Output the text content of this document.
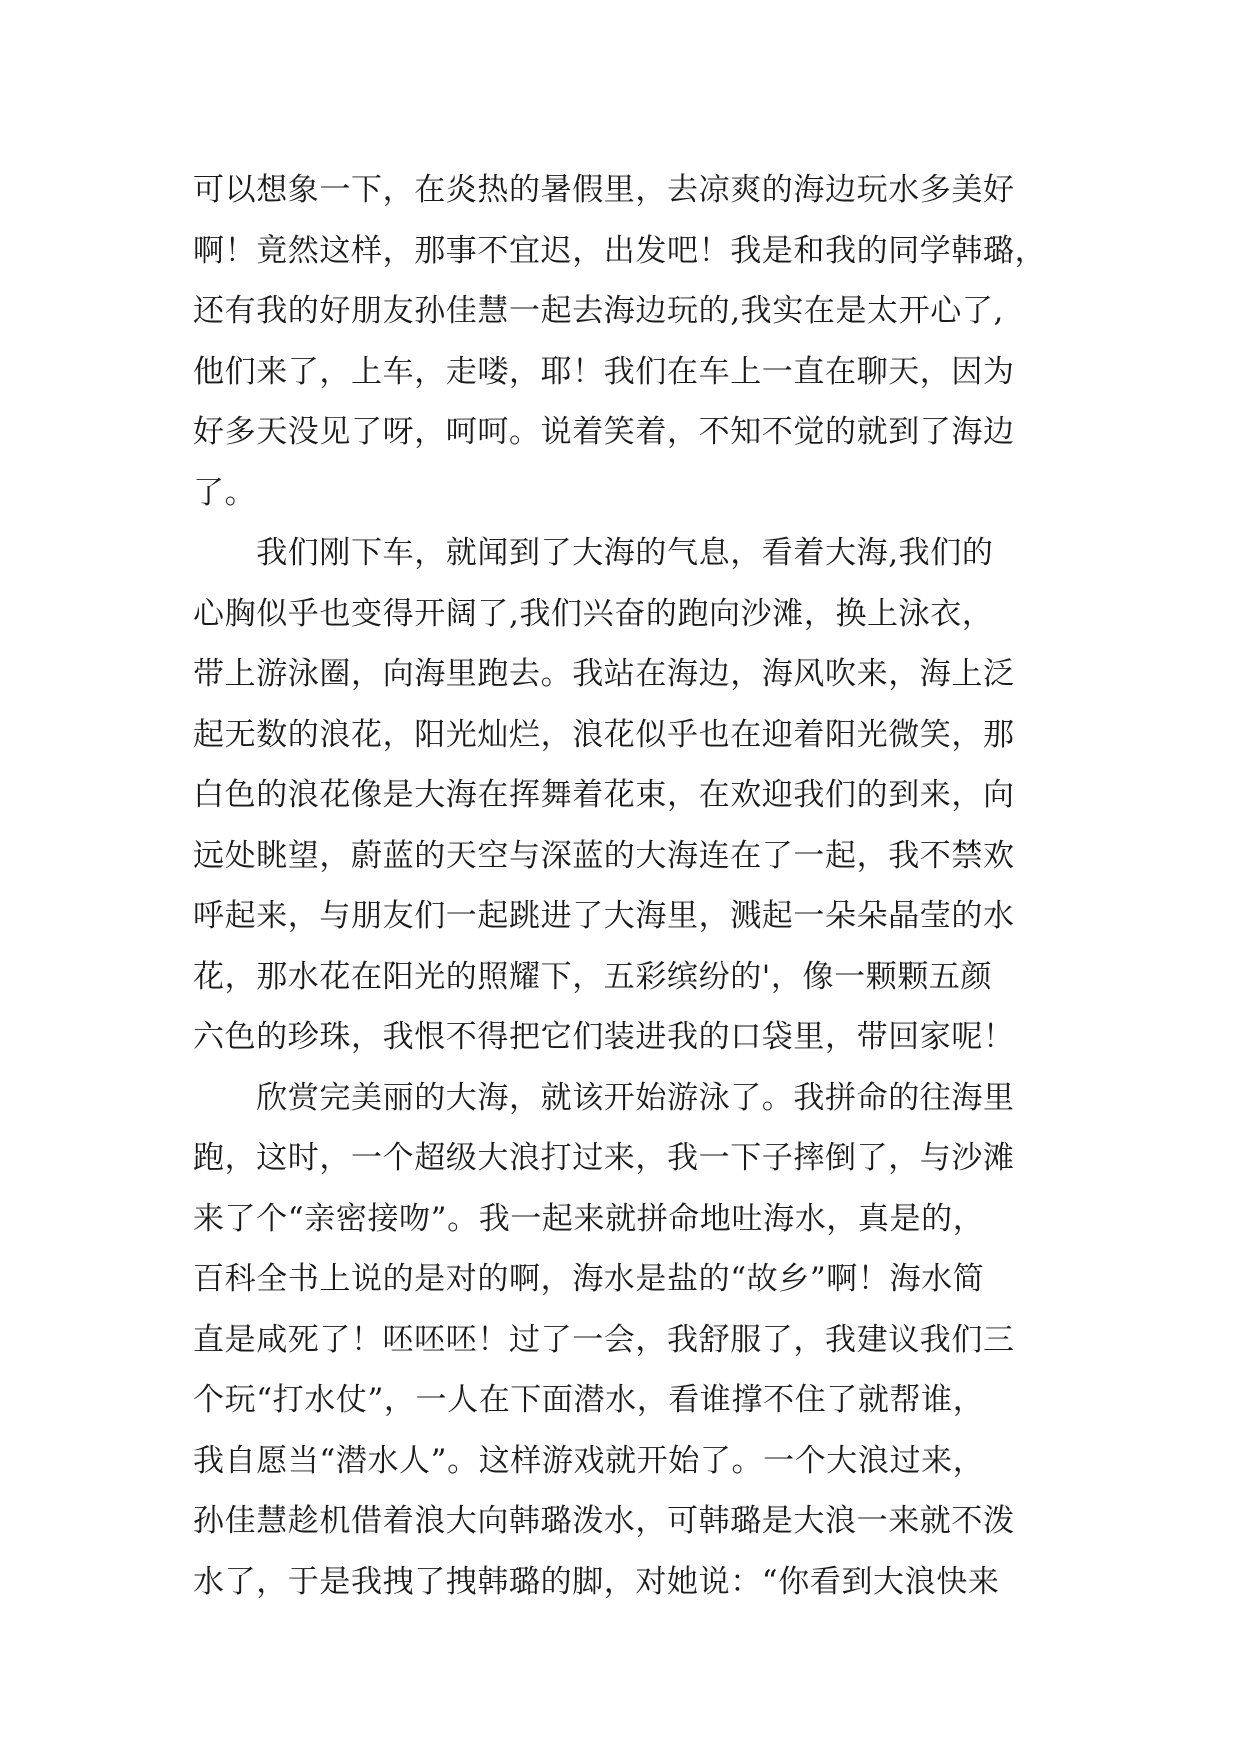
可以想象一下，在炎热的暑假里，去凉爽的海边玩水多美好
啊！竟然这样，那事不宜迟，出发吧！我是和我的同学韩璐，
还有我的好朋友孙佳慧一起去海边玩的,我实在是太开心了,
他们来了，上车，走喽，耶！我们在车上一直在聊天，因为
好多天没见了呀，呵呵。说着笑着，不知不觉的就到了海边
了。
　　我们刚下车，就闻到了大海的气息，看着大海,我们的
心胸似乎也变得开阔了,我们兴奋的跑向沙滩，换上泳衣，
带上游泳圈，向海里跑去。我站在海边，海风吹来，海上泛
起无数的浪花，阳光灿烂，浪花似乎也在迎着阳光微笑，那
白色的浪花像是大海在挥舞着花束，在欢迎我们的到来，向
远处眺望，蔚蓝的天空与深蓝的大海连在了一起，我不禁欢
呼起来，与朋友们一起跳进了大海里，溅起一朵朵晶莹的水
花，那水花在阳光的照耀下，五彩缤纷的'，像一颗颗五颜
六色的珍珠，我恨不得把它们装进我的口袋里，带回家呢！
　　欣赏完美丽的大海，就该开始游泳了。我拼命的往海里
跑，这时，一个超级大浪打过来，我一下子摔倒了，与沙滩
来了个“亲密接吻”。我一起来就拼命地吐海水，真是的，
百科全书上说的是对的啊，海水是盐的“故乡”啊！海水简
直是咸死了！呸呸呸！过了一会，我舒服了，我建议我们三
个玩“打水仗”，一人在下面潜水，看谁撑不住了就帮谁，
我自愿当“潜水人”。这样游戏就开始了。一个大浪过来，
孙佳慧趁机借着浪大向韩璐泼水，可韩璐是大浪一来就不泼
水了，于是我拽了拽韩璐的脚，对她说：“你看到大浪快来
